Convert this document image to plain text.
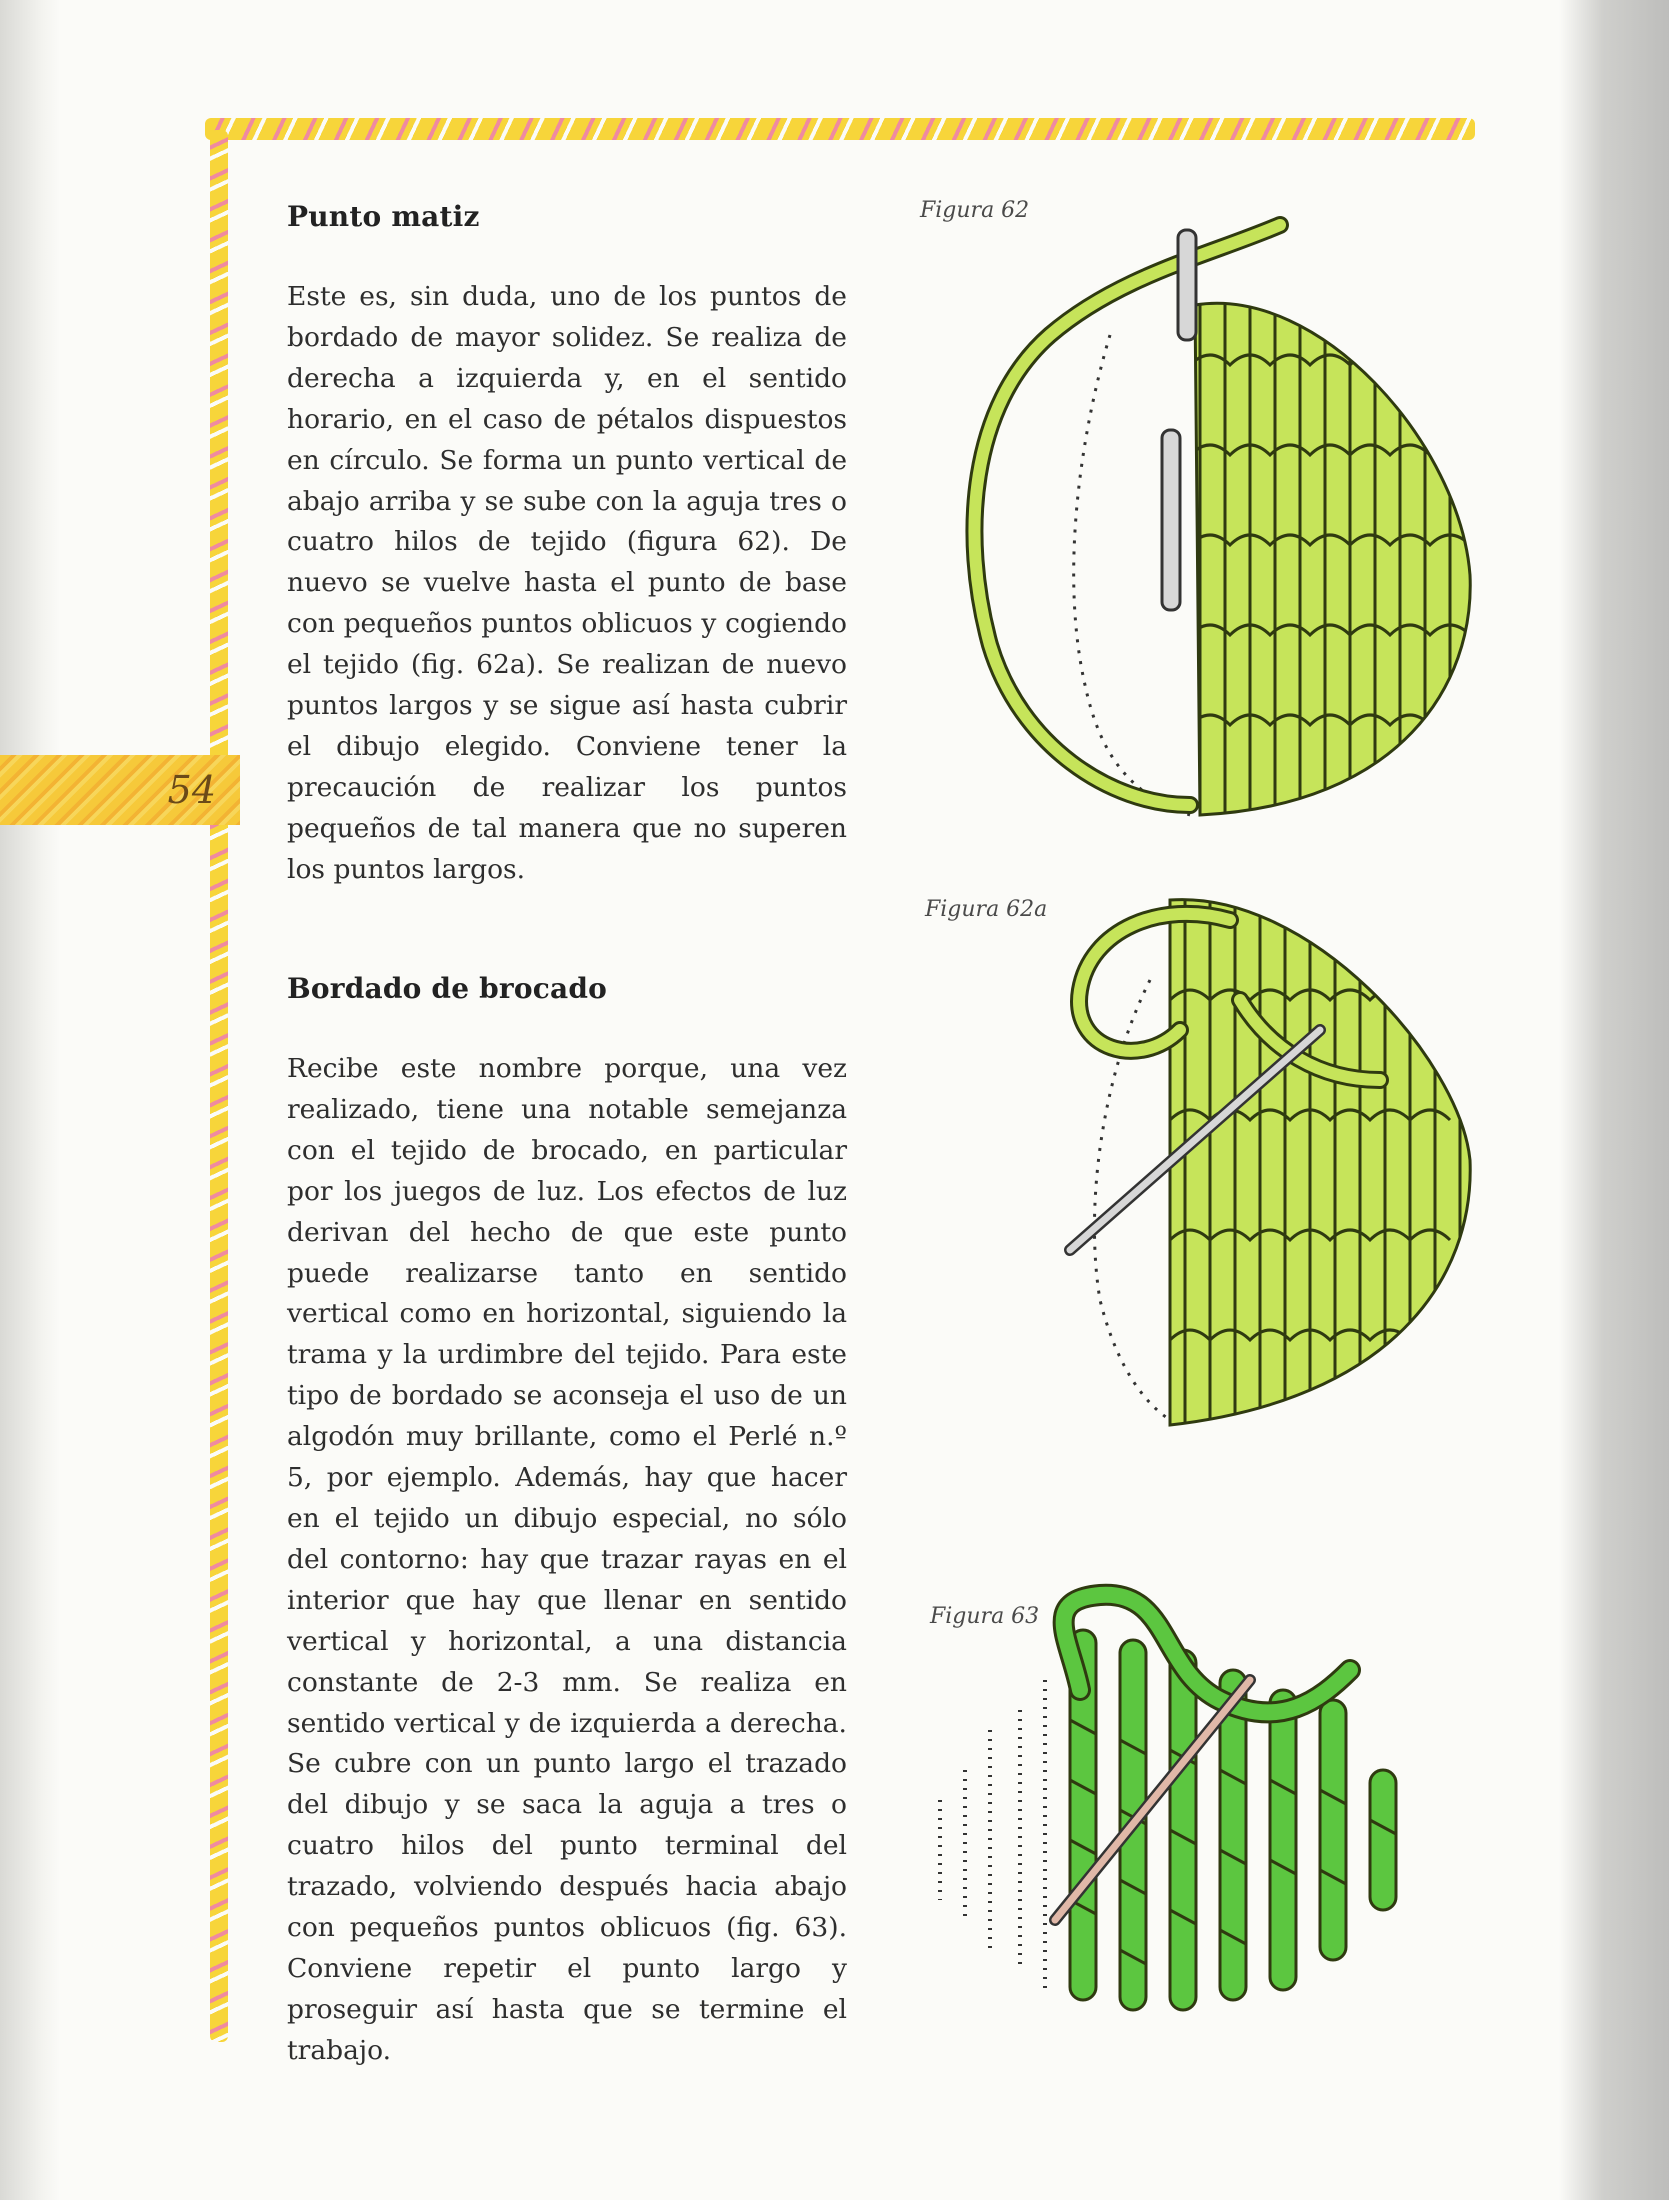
54
Punto matiz

Este es, sin duda, uno de los puntos de bordado de mayor solidez. Se realiza de derecha a izquierda y, en el sentido horario, en el caso de pétalos dispuestos en círculo. Se forma un punto vertical de abajo arriba y se sube con la aguja tres o cuatro hilos de tejido (figura 62). De nuevo se vuelve hasta el punto de base con pequeños puntos oblicuos y cogiendo el tejido (fig. 62a). Se realizan de nuevo puntos largos y se sigue así hasta cubrir el dibujo elegido. Conviene tener la precaución de realizar los puntos pequeños de tal manera que no superen los puntos largos.

Bordado de brocado

Recibe este nombre porque, una vez realizado, tiene una notable semejanza con el tejido de brocado, en particular por los juegos de luz. Los efectos de luz derivan del hecho de que este punto puede realizarse tanto en sentido vertical como en horizontal, siguiendo la trama y la urdimbre del tejido. Para este tipo de bordado se aconseja el uso de un algodón muy brillante, como el Perlé n.º 5, por ejemplo. Además, hay que hacer en el tejido un dibujo especial, no sólo del contorno: hay que trazar rayas en el interior que hay que llenar en sentido vertical y horizontal, a una distancia constante de 2-3 mm. Se realiza en sentido vertical y de izquierda a derecha. Se cubre con un punto largo el trazado del dibujo y se saca la aguja a tres o cuatro hilos del punto terminal del trazado, volviendo después hacia abajo con pequeños puntos oblicuos (fig. 63). Conviene repetir el punto largo y proseguir así hasta que se termine el trabajo.

Figura 62
Figura 62a
Figura 63
